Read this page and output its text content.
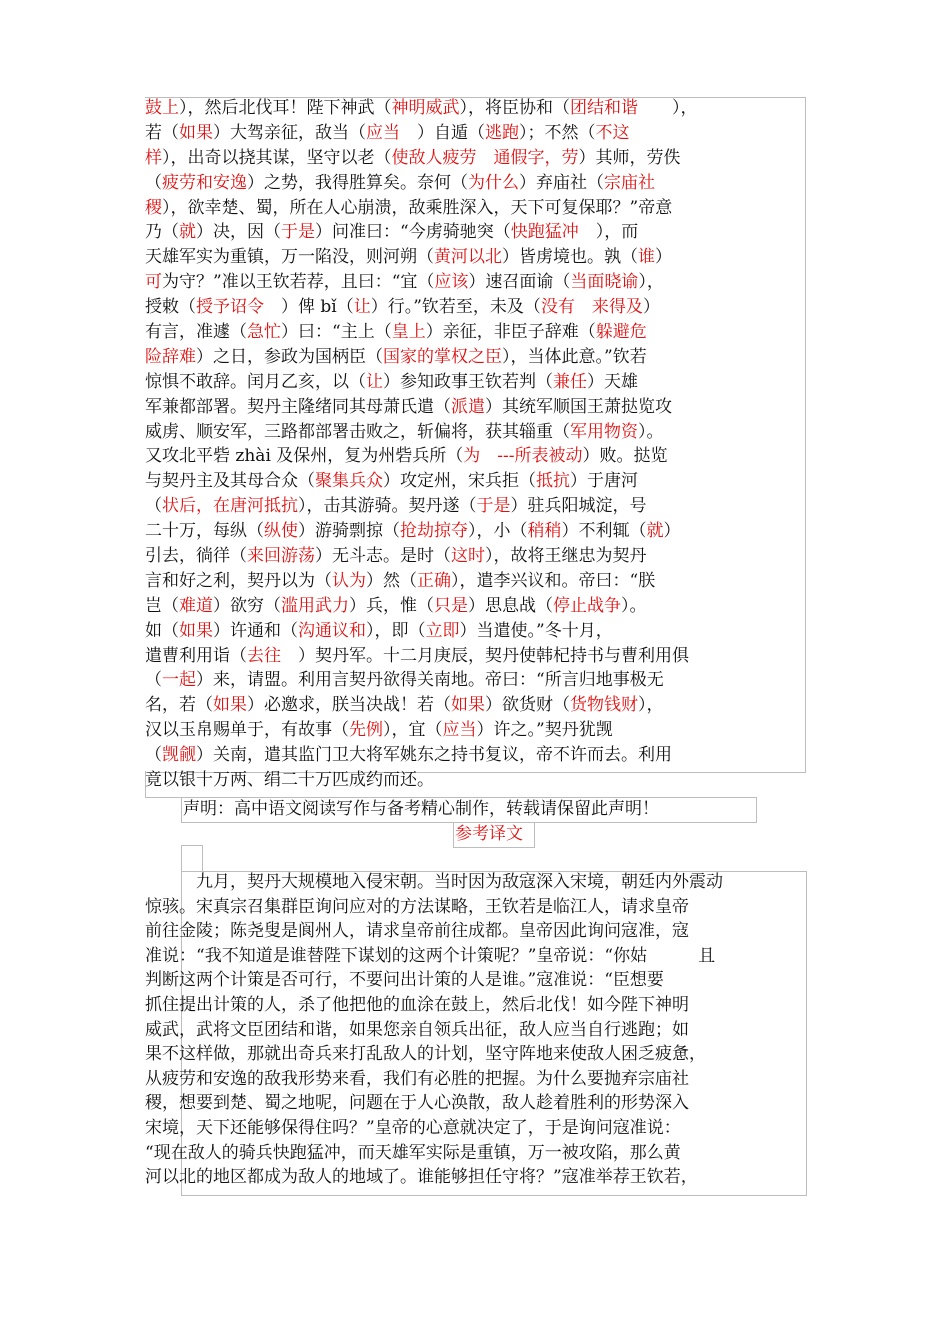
鼓上），然后北伐耳！陛下神武（神明威武），将臣协和（团结和谐　　），
若（如果）大驾亲征，敌当（应当　）自遁（逃跑）；不然（不这
样），出奇以挠其谋，坚守以老（使敌人疲劳　通假字，劳）其师，劳佚
（疲劳和安逸）之势，我得胜算矣。奈何（为什么）弃庙社（宗庙社
稷），欲幸楚、蜀，所在人心崩溃，敌乘胜深入，天下可复保耶？”帝意
乃（就）决，因（于是）问准曰：“今虏骑驰突（快跑猛冲　），而
天雄军实为重镇，万一陷没，则河朔（黄河以北）皆虏境也。孰（谁）
可为守？”准以王钦若荐，且曰：“宜（应该）速召面谕（当面晓谕），
授敕（授予诏令　）俾 bǐ（让）行。”钦若至，未及（没有　来得及）
有言，准遽（急忙）曰：“主上（皇上）亲征，非臣子辞难（躲避危
险辞难）之日，参政为国柄臣（国家的掌权之臣），当体此意。”钦若
惊惧不敢辞。闰月乙亥，以（让）参知政事王钦若判（兼任）天雄
军兼都部署。契丹主隆绪同其母萧氏遣（派遣）其统军顺国王萧挞览攻
威虏、顺安军，三路都部署击败之，斩偏将，获其辎重（军用物资）。
又攻北平砦 zhài 及保州，复为州砦兵所（为　---所表被动）败。挞览
与契丹主及其母合众（聚集兵众）攻定州，宋兵拒（抵抗）于唐河
（状后，在唐河抵抗），击其游骑。契丹遂（于是）驻兵阳城淀，号
二十万，每纵（纵使）游骑剽掠（抢劫掠夺），小（稍稍）不利辄（就）
引去，徜徉（来回游荡）无斗志。是时（这时），故将王继忠为契丹
言和好之利，契丹以为（认为）然（正确），遣李兴议和。帝曰：“朕
岂（难道）欲穷（滥用武力）兵，惟（只是）思息战（停止战争）。
如（如果）许通和（沟通议和），即（立即）当遣使。”冬十月，
遣曹利用诣（去往　）契丹军。十二月庚辰，契丹使韩杞持书与曹利用俱
（一起）来，请盟。利用言契丹欲得关南地。帝曰：“所言归地事极无
名，若（如果）必邀求，朕当决战！若（如果）欲货财（货物钱财），
汉以玉帛赐单于，有故事（先例），宜（应当）许之。”契丹犹觊
（觊觎）关南，遣其监门卫大将军姚东之持书复议，帝不许而去。利用
竟以银十万两、绢二十万匹成约而还。
声明：高中语文阅读写作与备考精心制作，转载请保留此声明！
参考译文
　　　九月，契丹大规模地入侵宋朝。当时因为敌寇深入宋境，朝廷内外震动
惊骇。宋真宗召集群臣询问应对的方法谋略，王钦若是临江人，请求皇帝
前往金陵；陈尧叟是阆州人，请求皇帝前往成都。皇帝因此询问寇准，寇
准说：“我不知道是谁替陛下谋划的这两个计策呢？”皇帝说：“你姑　　　且
判断这两个计策是否可行，不要问出计策的人是谁。”寇准说：“臣想要
抓住提出计策的人，杀了他把他的血涂在鼓上，然后北伐！如今陛下神明
威武，武将文臣团结和谐，如果您亲自领兵出征，敌人应当自行逃跑；如
果不这样做，那就出奇兵来打乱敌人的计划，坚守阵地来使敌人困乏疲惫，
从疲劳和安逸的敌我形势来看，我们有必胜的把握。为什么要抛弃宗庙社
稷，想要到楚、蜀之地呢，问题在于人心涣散，敌人趁着胜利的形势深入
宋境，天下还能够保得住吗？”皇帝的心意就决定了，于是询问寇准说：
“现在敌人的骑兵快跑猛冲，而天雄军实际是重镇，万一被攻陷，那么黄
河以北的地区都成为敌人的地域了。谁能够担任守将？”寇准举荐王钦若，
